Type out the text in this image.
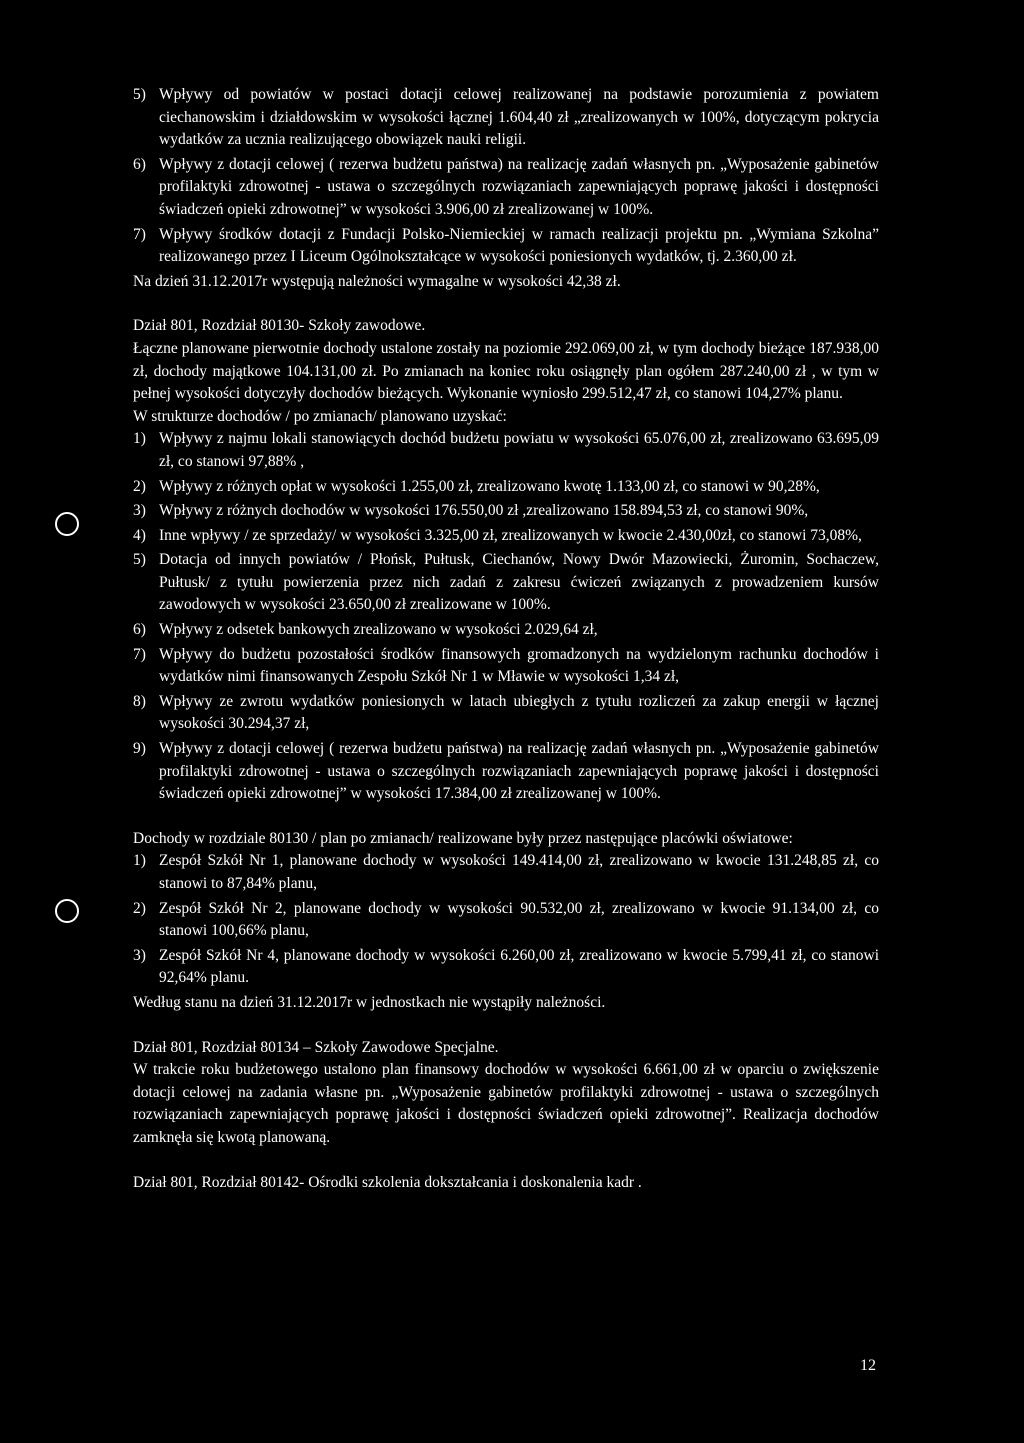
5) Wpływy od powiatów w postaci dotacji celowej realizowanej na podstawie porozumienia z powiatem ciechanowskim i działdowskim w wysokości łącznej 1.604,40 zł „zrealizowanych w 100%, dotyczącym pokrycia wydatków za ucznia realizującego obowiązek nauki religii.
6) Wpływy z dotacji celowej ( rezerwa budżetu państwa) na realizację zadań własnych pn. „Wyposażenie gabinetów profilaktyki zdrowotnej - ustawa o szczególnych rozwiązaniach zapewniających poprawę jakości i dostępności świadczeń opieki zdrowotnej” w wysokości 3.906,00 zł zrealizowanej w 100%.
7) Wpływy środków dotacji z Fundacji Polsko-Niemieckiej w ramach realizacji projektu pn. „Wymiana Szkolna” realizowanego przez I Liceum Ogólnokształcące w wysokości poniesionych wydatków, tj. 2.360,00 zł.

Na dzień 31.12.2017r występują należności wymagalne w wysokości 42,38 zł.

Dział 801, Rozdział 80130- Szkoły zawodowe.

Łączne planowane pierwotnie dochody ustalone zostały na poziomie 292.069,00 zł, w tym dochody bieżące 187.938,00 zł, dochody majątkowe 104.131,00 zł. Po zmianach na koniec roku osiągnęły plan ogółem 287.240,00 zł , w tym w pełnej wysokości dotyczyły dochodów bieżących. Wykonanie wyniosło 299.512,47 zł, co stanowi 104,27% planu.

W strukturze dochodów / po zmianach/ planowano uzyskać:

1) Wpływy z najmu lokali stanowiących dochód budżetu powiatu w wysokości 65.076,00 zł, zrealizowano 63.695,09 zł, co stanowi 97,88% ,
2) Wpływy z różnych opłat w wysokości 1.255,00 zł, zrealizowano kwotę 1.133,00 zł, co stanowi w 90,28%,
3) Wpływy z różnych dochodów w wysokości 176.550,00 zł ,zrealizowano 158.894,53 zł, co stanowi 90%,
4) Inne wpływy / ze sprzedaży/ w wysokości 3.325,00 zł, zrealizowanych w kwocie 2.430,00zł, co stanowi 73,08%,
5) Dotacja od innych powiatów / Płońsk, Pułtusk, Ciechanów, Nowy Dwór Mazowiecki, Żuromin, Sochaczew, Pułtusk/ z tytułu powierzenia przez nich zadań z zakresu ćwiczeń związanych z prowadzeniem kursów zawodowych w wysokości 23.650,00 zł zrealizowane w 100%.
6) Wpływy z odsetek bankowych zrealizowano w wysokości 2.029,64 zł,
7) Wpływy do budżetu pozostałości środków finansowych gromadzonych na wydzielonym rachunku dochodów i wydatków nimi finansowanych Zespołu Szkół Nr 1 w Mławie w wysokości 1,34 zł,
8) Wpływy ze zwrotu wydatków poniesionych w latach ubiegłych z tytułu rozliczeń za zakup energii w łącznej wysokości 30.294,37 zł,
9) Wpływy z dotacji celowej ( rezerwa budżetu państwa) na realizację zadań własnych pn. „Wyposażenie gabinetów profilaktyki zdrowotnej - ustawa o szczególnych rozwiązaniach zapewniających poprawę jakości i dostępności świadczeń opieki zdrowotnej” w wysokości 17.384,00 zł zrealizowanej w 100%.

Dochody w rozdziale 80130 / plan po zmianach/ realizowane były przez następujące placówki oświatowe:

1) Zespół Szkół Nr 1, planowane dochody w wysokości 149.414,00 zł, zrealizowano w kwocie 131.248,85 zł, co stanowi to 87,84% planu,
2) Zespół Szkół Nr 2, planowane dochody w wysokości 90.532,00 zł, zrealizowano w kwocie 91.134,00 zł, co stanowi 100,66% planu,
3) Zespół Szkół Nr 4, planowane dochody w wysokości 6.260,00 zł, zrealizowano w kwocie 5.799,41 zł, co stanowi 92,64% planu.

Według stanu na dzień 31.12.2017r w jednostkach nie wystąpiły należności.

Dział 801, Rozdział 80134 – Szkoły Zawodowe Specjalne.

W trakcie roku budżetowego ustalono plan finansowy dochodów w wysokości 6.661,00 zł w oparciu o zwiększenie dotacji celowej na zadania własne pn. „Wyposażenie gabinetów profilaktyki zdrowotnej - ustawa o szczególnych rozwiązaniach zapewniających poprawę jakości i dostępności świadczeń opieki zdrowotnej”. Realizacja dochodów zamknęła się kwotą planowaną.

Dział 801, Rozdział 80142- Ośrodki szkolenia dokształcania i doskonalenia kadr .

12
